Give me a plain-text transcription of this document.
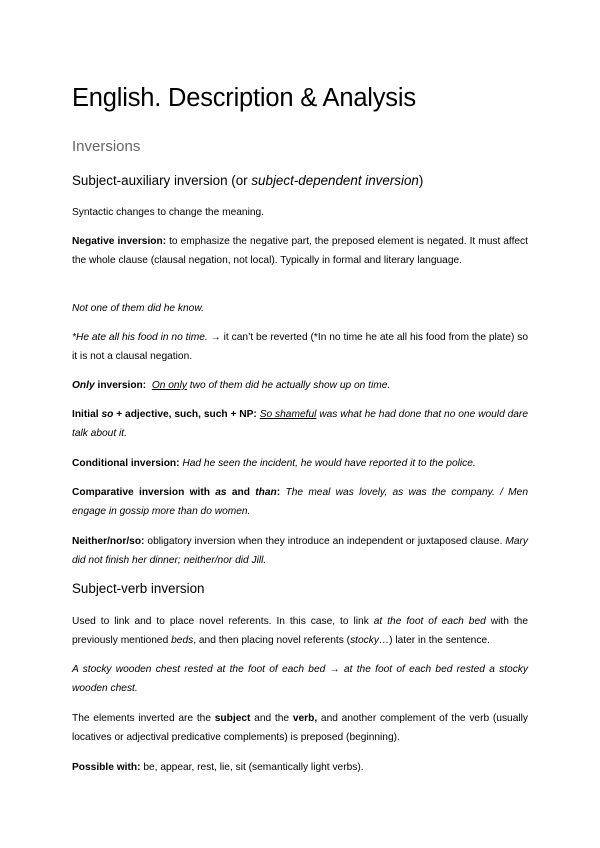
English. Description & Analysis
Inversions
Subject-auxiliary inversion (or subject-dependent inversion)

Syntactic changes to change the meaning.

Negative inversion: to emphasize the negative part, the preposed element is negated. It must affect the whole clause (clausal negation, not local). Typically in formal and literary language.

Not one of them did he know.

*He ate all his food in no time. → it can’t be reverted (*In no time he ate all his food from the plate) so it is not a clausal negation.

Only inversion: On only two of them did he actually show up on time.

Initial so + adjective, such, such + NP: So shameful was what he had done that no one would dare talk about it.

Conditional inversion: Had he seen the incident, he would have reported it to the police.

Comparative inversion with as and than: The meal was lovely, as was the company. / Men engage in gossip more than do women.

Neither/nor/so: obligatory inversion when they introduce an independent or juxtaposed clause. Mary did not finish her dinner; neither/nor did Jill.

Subject-verb inversion

Used to link and to place novel referents. In this case, to link at the foot of each bed with the previously mentioned beds, and then placing novel referents (stocky…) later in the sentence.

A stocky wooden chest rested at the foot of each bed → at the foot of each bed rested a stocky wooden chest.

The elements inverted are the subject and the verb, and another complement of the verb (usually locatives or adjectival predicative complements) is preposed (beginning).

Possible with: be, appear, rest, lie, sit (semantically light verbs).
